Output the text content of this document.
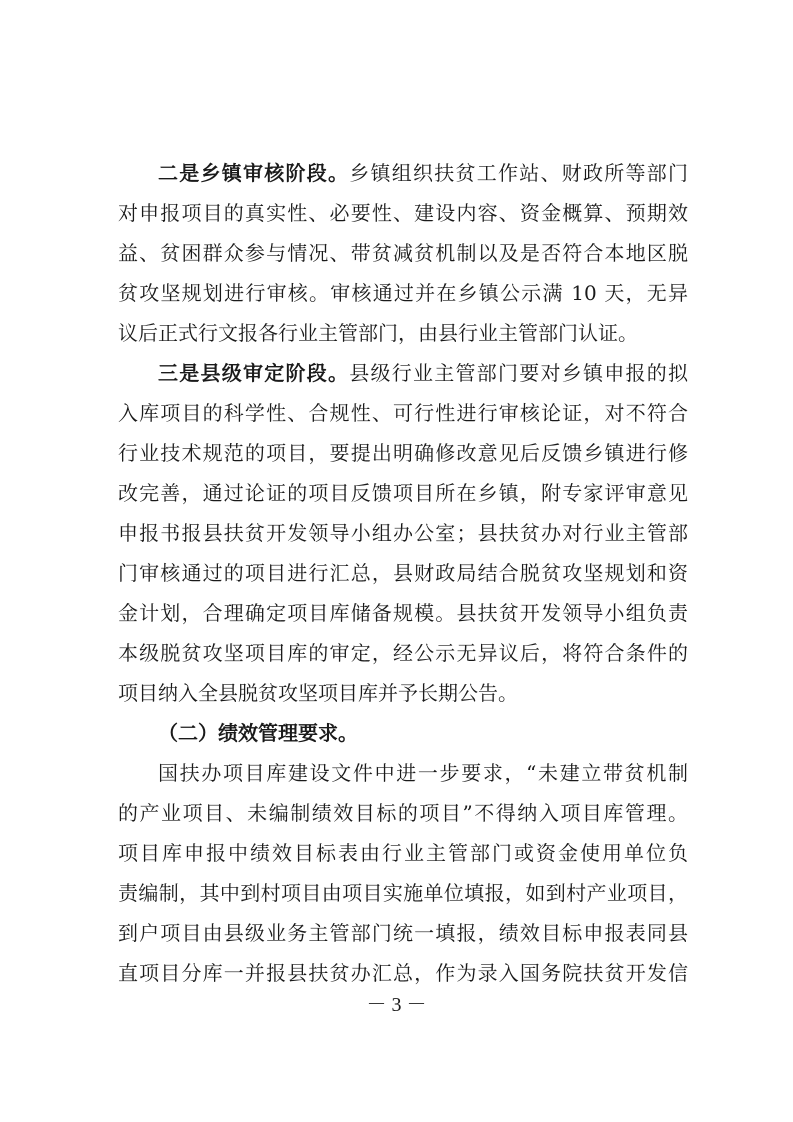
二是乡镇审核阶段。乡镇组织扶贫工作站、财政所等部门
对申报项目的真实性、必要性、建设内容、资金概算、预期效
益、贫困群众参与情况、带贫减贫机制以及是否符合本地区脱
贫攻坚规划进行审核。审核通过并在乡镇公示满 10 天，无异
议后正式行文报各行业主管部门，由县行业主管部门认证。
三是县级审定阶段。县级行业主管部门要对乡镇申报的拟
入库项目的科学性、合规性、可行性进行审核论证，对不符合
行业技术规范的项目，要提出明确修改意见后反馈乡镇进行修
改完善，通过论证的项目反馈项目所在乡镇，附专家评审意见
申报书报县扶贫开发领导小组办公室；县扶贫办对行业主管部
门审核通过的项目进行汇总，县财政局结合脱贫攻坚规划和资
金计划，合理确定项目库储备规模。县扶贫开发领导小组负责
本级脱贫攻坚项目库的审定，经公示无异议后，将符合条件的
项目纳入全县脱贫攻坚项目库并予长期公告。
（二）绩效管理要求。
国扶办项目库建设文件中进一步要求，“未建立带贫机制
的产业项目、未编制绩效目标的项目”不得纳入项目库管理。
项目库申报中绩效目标表由行业主管部门或资金使用单位负
责编制，其中到村项目由项目实施单位填报，如到村产业项目，
到户项目由县级业务主管部门统一填报，绩效目标申报表同县
直项目分库一并报县扶贫办汇总，作为录入国务院扶贫开发信
－ 3 －
